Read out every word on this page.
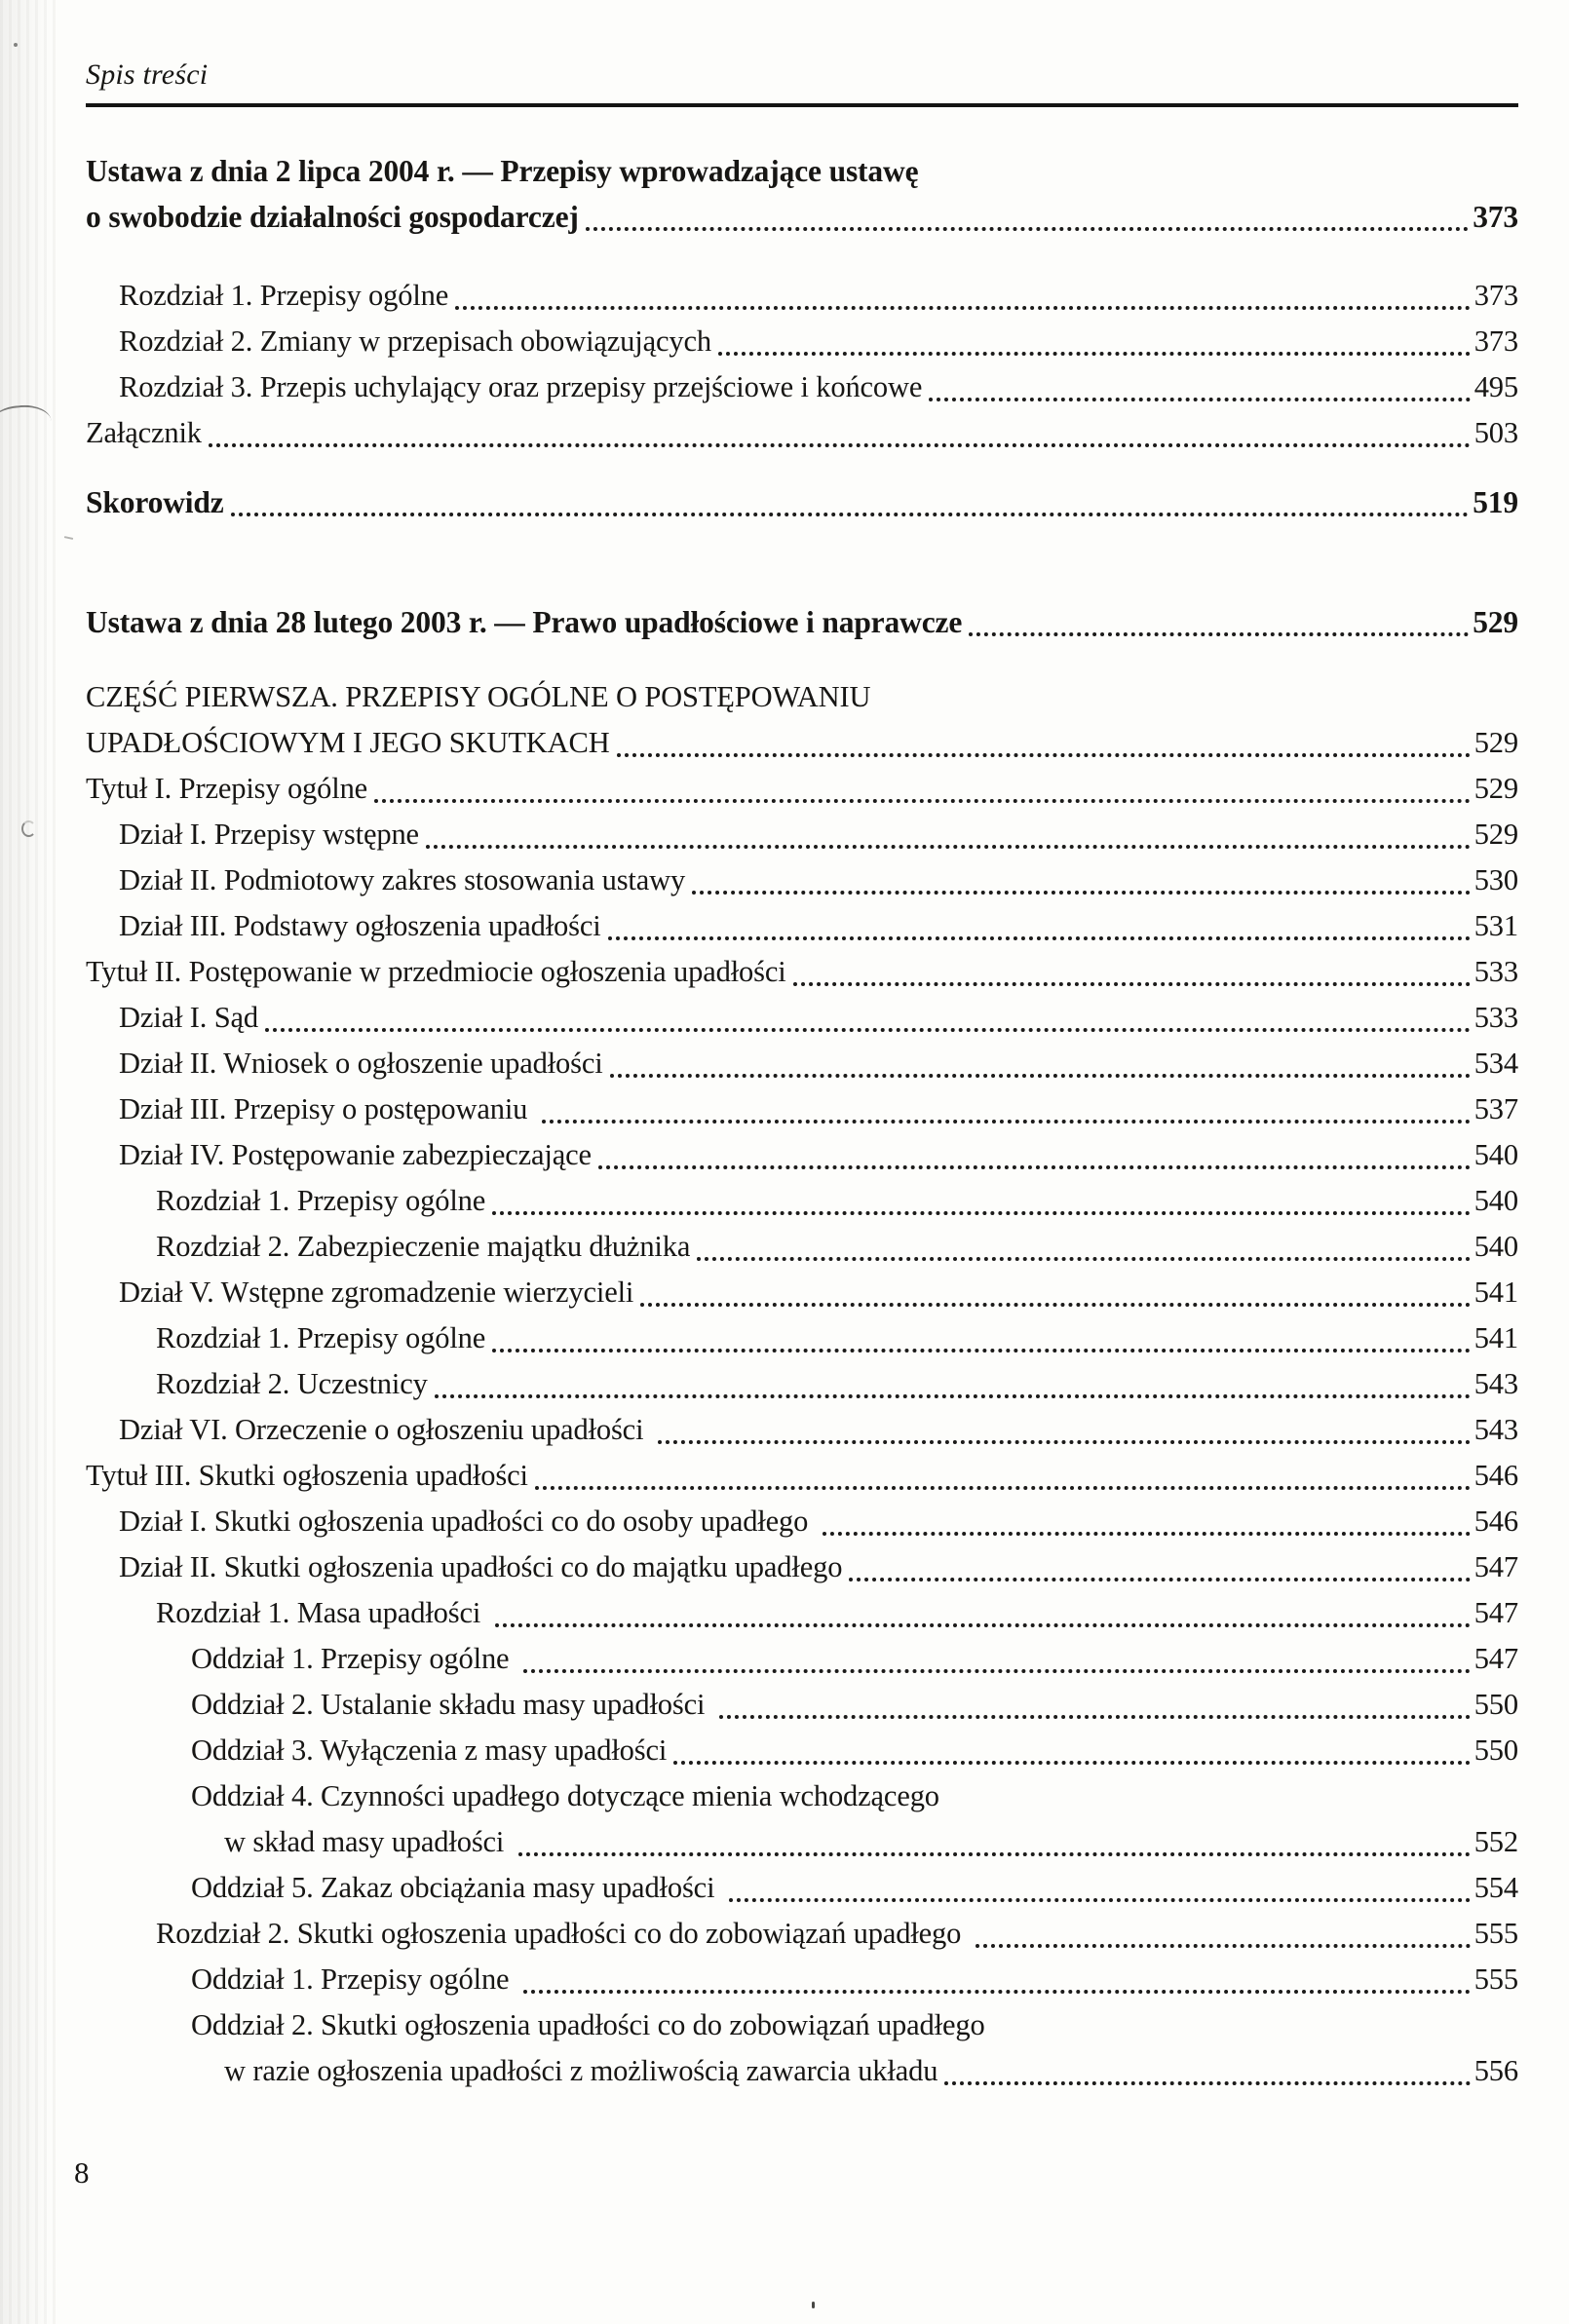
Spis treści
Ustawa z dnia 2 lipca 2004 r. — Przepisy wprowadzające ustawę
o swobodzie działalności gospodarczej	373
Rozdział 1. Przepisy ogólne	373
Rozdział 2. Zmiany w przepisach obowiązujących	373
Rozdział 3. Przepis uchylający oraz przepisy przejściowe i końcowe	495
Załącznik	503
Skorowidz	519
Ustawa z dnia 28 lutego 2003 r. — Prawo upadłościowe i naprawcze	529
CZĘŚĆ PIERWSZA. PRZEPISY OGÓLNE O POSTĘPOWANIU
UPADŁOŚCIOWYM I JEGO SKUTKACH	529
Tytuł I. Przepisy ogólne	529
Dział I. Przepisy wstępne	529
Dział II. Podmiotowy zakres stosowania ustawy	530
Dział III. Podstawy ogłoszenia upadłości	531
Tytuł II. Postępowanie w przedmiocie ogłoszenia upadłości	533
Dział I. Sąd	533
Dział II. Wniosek o ogłoszenie upadłości	534
Dział III. Przepisy o postępowaniu	537
Dział IV. Postępowanie zabezpieczające	540
Rozdział 1. Przepisy ogólne	540
Rozdział 2. Zabezpieczenie majątku dłużnika	540
Dział V. Wstępne zgromadzenie wierzycieli	541
Rozdział 1. Przepisy ogólne	541
Rozdział 2. Uczestnicy	543
Dział VI. Orzeczenie o ogłoszeniu upadłości	543
Tytuł III. Skutki ogłoszenia upadłości	546
Dział I. Skutki ogłoszenia upadłości co do osoby upadłego	546
Dział II. Skutki ogłoszenia upadłości co do majątku upadłego	547
Rozdział 1. Masa upadłości	547
Oddział 1. Przepisy ogólne	547
Oddział 2. Ustalanie składu masy upadłości	550
Oddział 3. Wyłączenia z masy upadłości	550
Oddział 4. Czynności upadłego dotyczące mienia wchodzącego
w skład masy upadłości	552
Oddział 5. Zakaz obciążania masy upadłości	554
Rozdział 2. Skutki ogłoszenia upadłości co do zobowiązań upadłego	555
Oddział 1. Przepisy ogólne	555
Oddział 2. Skutki ogłoszenia upadłości co do zobowiązań upadłego
w razie ogłoszenia upadłości z możliwością zawarcia układu	556
8
